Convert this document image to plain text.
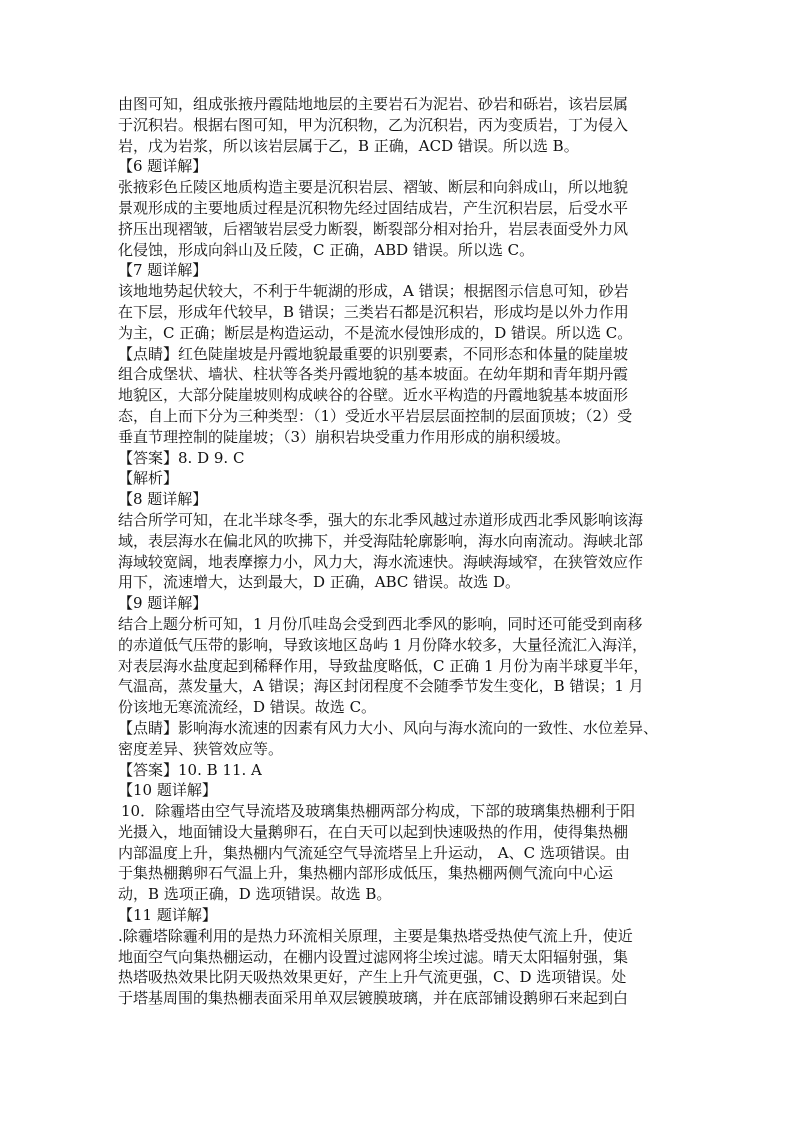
由图可知，组成张掖丹霞陆地地层的主要岩石为泥岩、砂岩和砾岩，该岩层属
于沉积岩。根据右图可知，甲为沉积物，乙为沉积岩，丙为变质岩，丁为侵入
岩，戊为岩浆，所以该岩层属于乙，B 正确，ACD 错误。所以选 B。
【6 题详解】
张掖彩色丘陵区地质构造主要是沉积岩层、褶皱、断层和向斜成山，所以地貌
景观形成的主要地质过程是沉积物先经过固结成岩，产生沉积岩层，后受水平
挤压出现褶皱，后褶皱岩层受力断裂，断裂部分相对抬升，岩层表面受外力风
化侵蚀，形成向斜山及丘陵，C 正确，ABD 错误。所以选 C。
【7 题详解】
该地地势起伏较大，不利于牛轭湖的形成，A 错误；根据图示信息可知，砂岩
在下层，形成年代较早，B 错误；三类岩石都是沉积岩，形成均是以外力作用
为主，C 正确；断层是构造运动，不是流水侵蚀形成的，D 错误。所以选 C。
【点睛】红色陡崖坡是丹霞地貌最重要的识别要素，不同形态和体量的陡崖坡
组合成堡状、墙状、柱状等各类丹霞地貌的基本坡面。在幼年期和青年期丹霞
地貌区，大部分陡崖坡则构成峡谷的谷壁。近水平构造的丹霞地貌基本坡面形
态，自上而下分为三种类型：（1）受近水平岩层层面控制的层面顶坡；（2）受
垂直节理控制的陡崖坡；（3）崩积岩块受重力作用形成的崩积缓坡。
【答案】8. D 9. C
【解析】
【8 题详解】
结合所学可知，在北半球冬季，强大的东北季风越过赤道形成西北季风影响该海
域，表层海水在偏北风的吹拂下，并受海陆轮廓影响，海水向南流动。海峡北部
海域较宽阔，地表摩擦力小，风力大，海水流速快。海峡海域窄，在狭管效应作
用下，流速增大，达到最大，D 正确，ABC 错误。故选 D。
【9 题详解】
结合上题分析可知，1 月份爪哇岛会受到西北季风的影响，同时还可能受到南移
的赤道低气压带的影响，导致该地区岛屿 1 月份降水较多，大量径流汇入海洋，
对表层海水盐度起到稀释作用，导致盐度略低，C 正确 1 月份为南半球夏半年，
气温高，蒸发量大，A 错误；海区封闭程度不会随季节发生变化，B 错误；1 月
份该地无寒流流经，D 错误。故选 C。
【点睛】影响海水流速的因素有风力大小、风向与海水流向的一致性、水位差异、
密度差异、狭管效应等。
【答案】10. B 11. A
【10 题详解】
10．除霾塔由空气导流塔及玻璃集热棚两部分构成，下部的玻璃集热棚利于阳
光摄入，地面铺设大量鹅卵石，在白天可以起到快速吸热的作用，使得集热棚
内部温度上升，集热棚内气流延空气导流塔呈上升运动， A、C 选项错误。由
于集热棚鹅卵石气温上升，集热棚内部形成低压，集热棚两侧气流向中心运
动，B 选项正确，D 选项错误。故选 B。
【11 题详解】
.除霾塔除霾利用的是热力环流相关原理，主要是集热塔受热使气流上升，使近
地面空气向集热棚运动，在棚内设置过滤网将尘埃过滤。晴天太阳辐射强，集
热塔吸热效果比阴天吸热效果更好，产生上升气流更强，C、D 选项错误。处
于塔基周围的集热棚表面采用单双层镀膜玻璃，并在底部铺设鹅卵石来起到白
